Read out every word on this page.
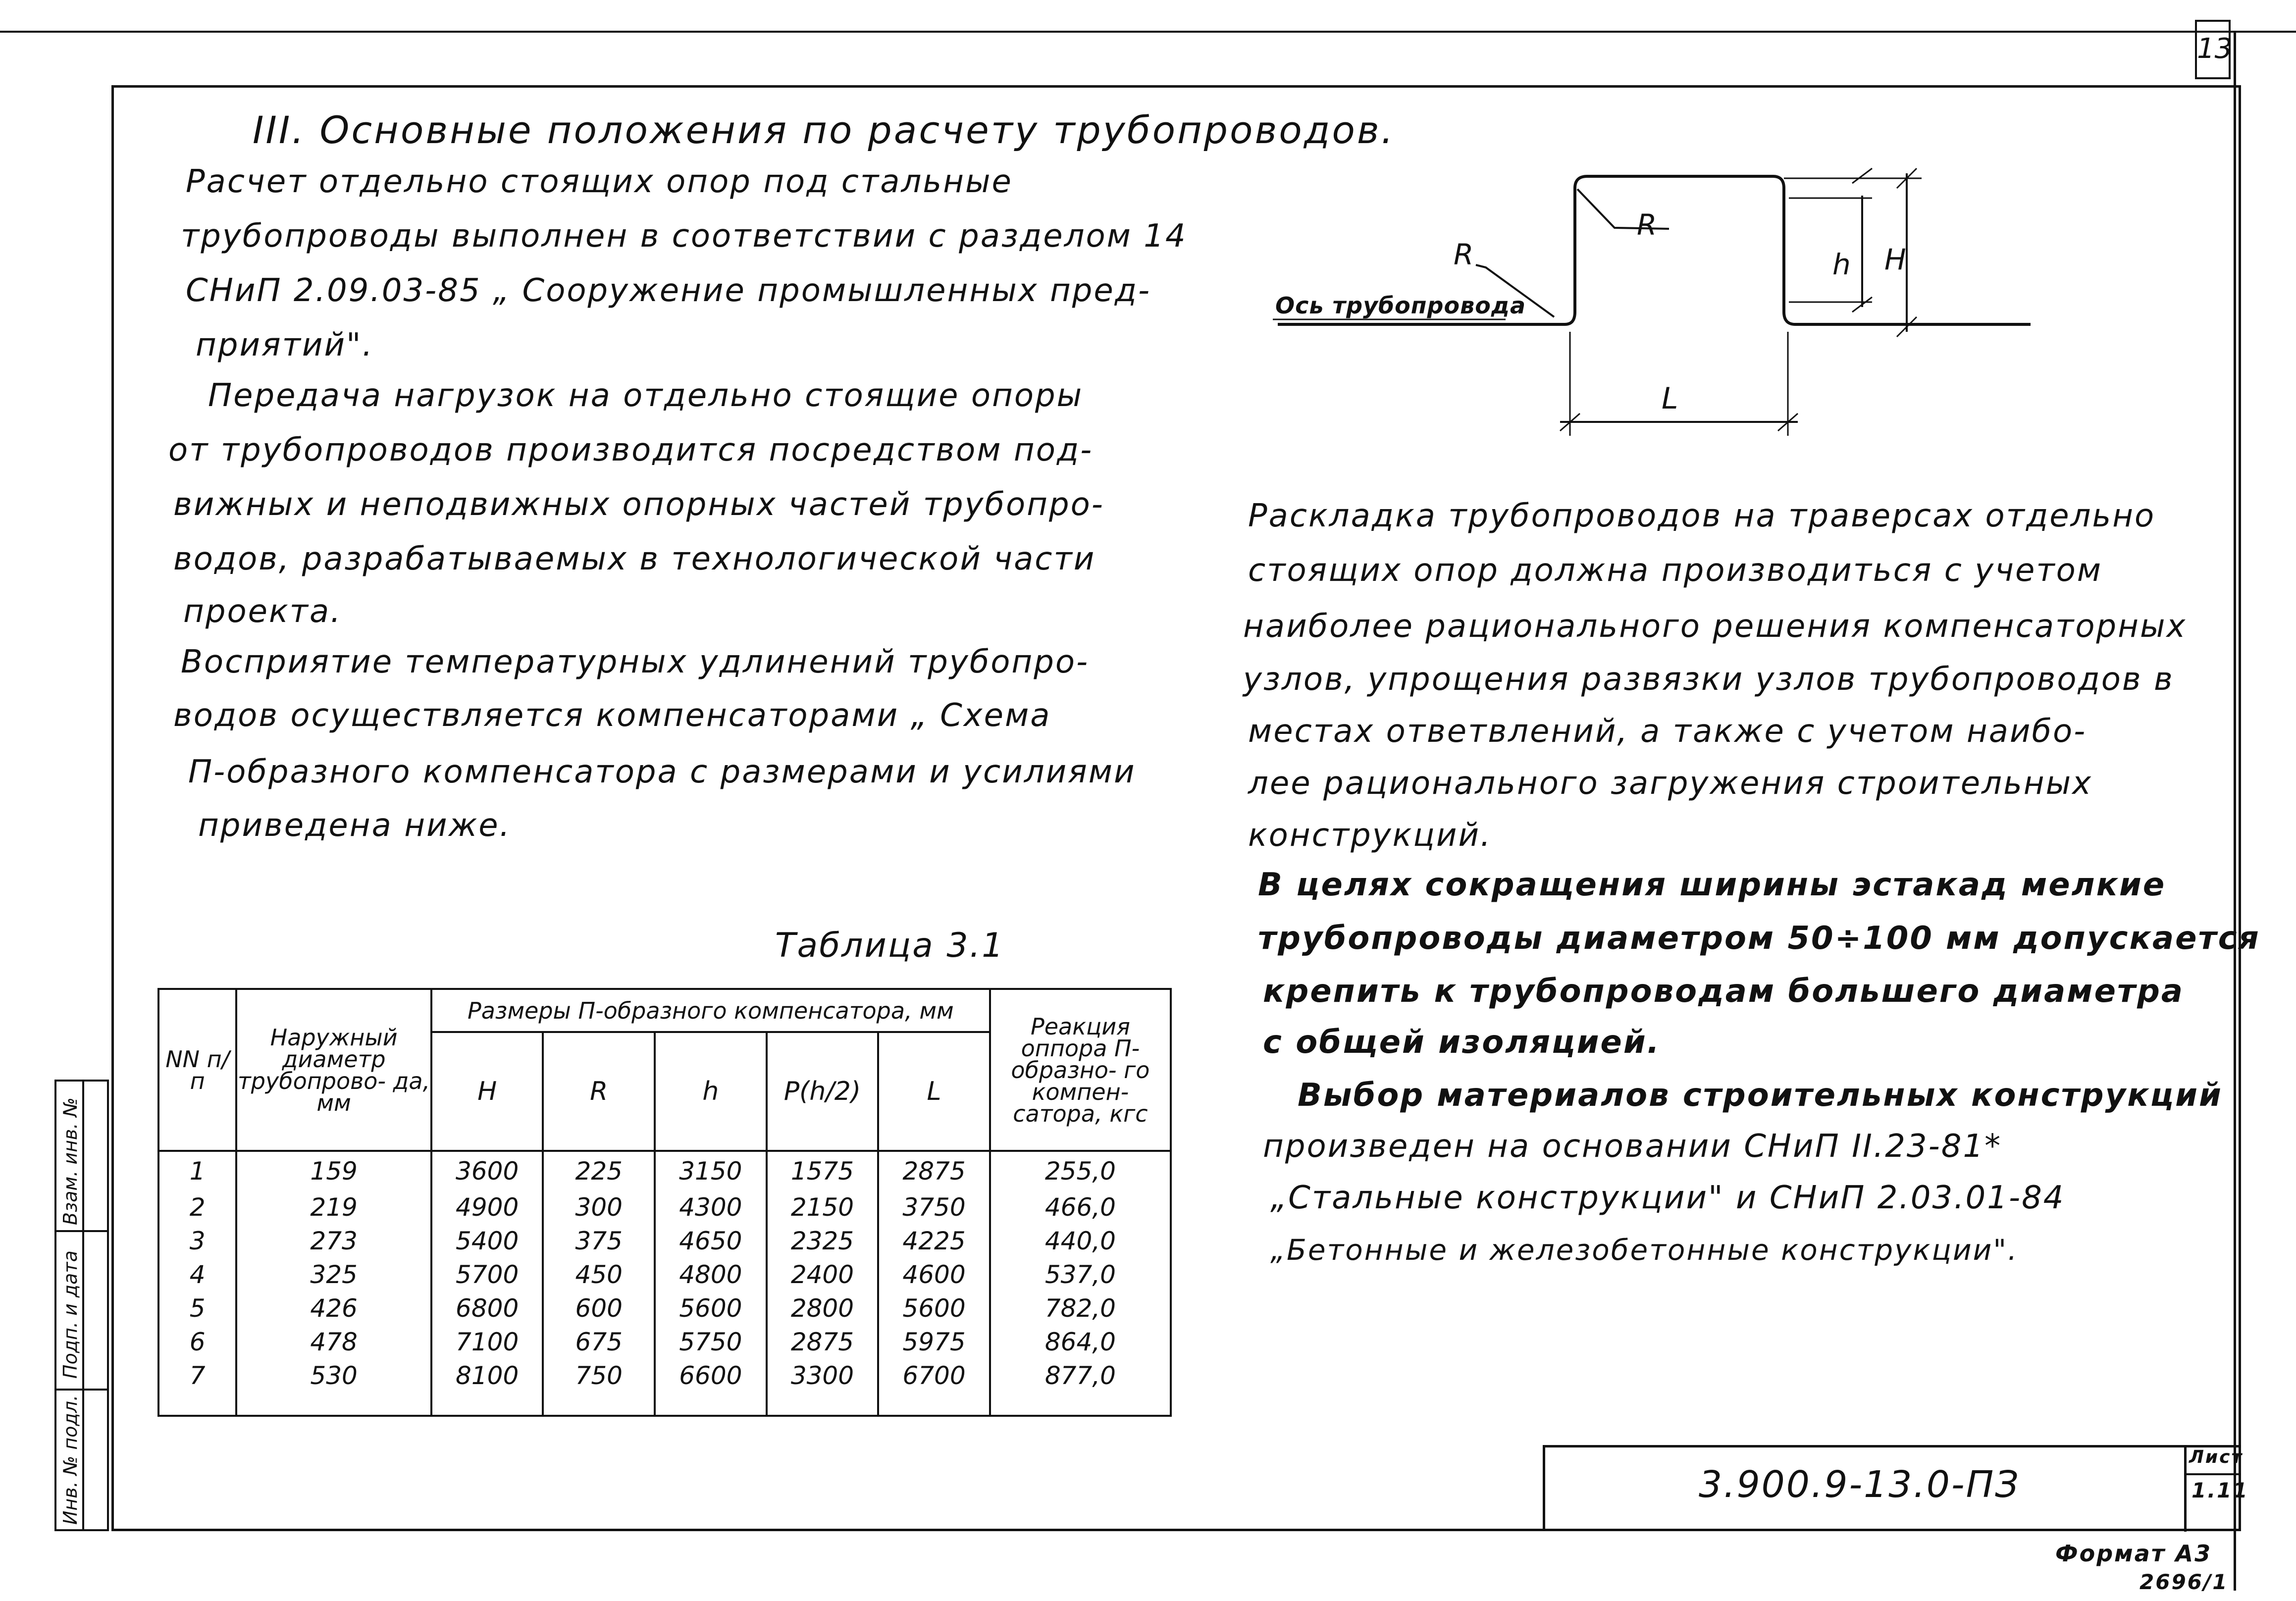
13
Взам. инв. №
Подп. и дата
Инв. № подл.
III. Основные положения по расчету трубопроводов.
Расчет отдельно стоящих опор под стальные
трубопроводы выполнен в соответствии с разделом 14
СНиП 2.09.03-85 „ Сооружение промышленных пред-
приятий".
Передача нагрузок на отдельно стоящие опоры
от трубопроводов производится посредством под-
вижных и неподвижных опорных частей трубопро-
водов, разрабатываемых в технологической части
проекта.
Восприятие температурных удлинений трубопро-
водов осуществляется компенсаторами „ Схема
П-образного компенсатора с размерами и усилиями
приведена ниже.
Ось трубопровода
R
R
h H
L
Раскладка трубопроводов на траверсах отдельно
стоящих опор должна производиться с учетом
наиболее рационального решения компенсаторных
узлов, упрощения развязки узлов трубопроводов в
местах ответвлений, а также с учетом наибо-
лее рационального загружения строительных
конструкций.
В целях сокращения ширины эстакад мелкие
трубопроводы диаметром 50÷100 мм допускается
крепить к трубопроводам большего диаметра
с общей изоляцией.
Выбор материалов строительных конструкций
произведен на основании СНиП II.23-81*
„Стальные конструкции" и СНиП 2.03.01-84
„Бетонные и железобетонные конструкции".
Таблица 3.1
NN п/п	Наружный диаметр трубопрово- да, мм	Размеры П-образного компенсатора, мм					Реакция оппора П-образно- го компен- сатора, кгс
		H	R	h	P(h/2)	L	
1	159	3600	225	3150	1575	2875	255,0
2	219	4900	300	4300	2150	3750	466,0
3	273	5400	375	4650	2325	4225	440,0
4	325	5700	450	4800	2400	4600	537,0
5	426	6800	600	5600	2800	5600	782,0
6	478	7100	675	5750	2875	5975	864,0
7	530	8100	750	6600	3300	6700	877,0

3.900.9-13.0-ПЗ
Лист
1.11
Формат А3
2696/1
